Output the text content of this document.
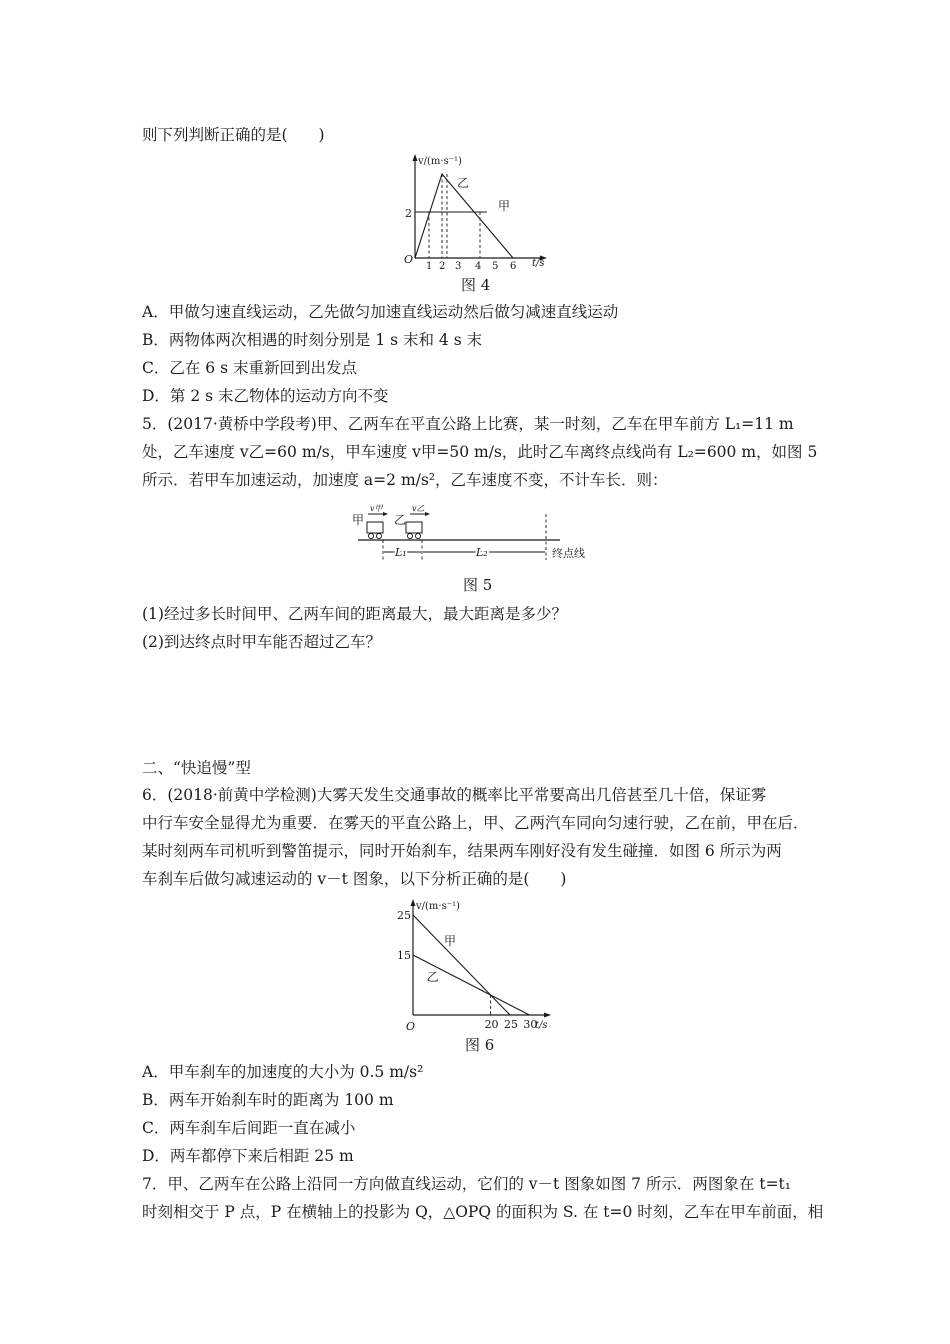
则下列判断正确的是(　　)
v/(m·s⁻¹)
t/s
O
2
1 2 3 4 5 6
乙
甲
图 4
A．甲做匀速直线运动，乙先做匀加速直线运动然后做匀减速直线运动
B．两物体两次相遇的时刻分别是 1 s 末和 4 s 末
C．乙在 6 s 末重新回到出发点
D．第 2 s 末乙物体的运动方向不变
5．(2017·黄桥中学段考)甲、乙两车在平直公路上比赛，某一时刻，乙车在甲车前方 L₁=11 m
处，乙车速度 v乙=60 m/s，甲车速度 v甲=50 m/s，此时乙车离终点线尚有 L₂=600 m，如图 5
所示．若甲车加速运动，加速度 a=2 m/s²，乙车速度不变，不计车长．则：
甲
v甲
乙
v乙
L₁	L₂	终点线
图 5
(1)经过多长时间甲、乙两车间的距离最大，最大距离是多少？
(2)到达终点时甲车能否超过乙车？
二、“快追慢”型
6．(2018·前黄中学检测)大雾天发生交通事故的概率比平常要高出几倍甚至几十倍，保证雾
中行车安全显得尤为重要．在雾天的平直公路上，甲、乙两汽车同向匀速行驶，乙在前，甲在后．
某时刻两车司机听到警笛提示，同时开始刹车，结果两车刚好没有发生碰撞．如图 6 所示为两
车刹车后做匀减速运动的 v－t 图象，以下分析正确的是(　　)
v/(m·s⁻¹)
t/s
O
甲
乙
15
25
20 25 30
图 6
A．甲车刹车的加速度的大小为 0.5 m/s²
B．两车开始刹车时的距离为 100 m
C．两车刹车后间距一直在减小
D．两车都停下来后相距 25 m
7．甲、乙两车在公路上沿同一方向做直线运动，它们的 v－t 图象如图 7 所示．两图象在 t=t₁
时刻相交于 P 点，P 在横轴上的投影为 Q，△OPQ 的面积为 S. 在 t=0 时刻，乙车在甲车前面，相
